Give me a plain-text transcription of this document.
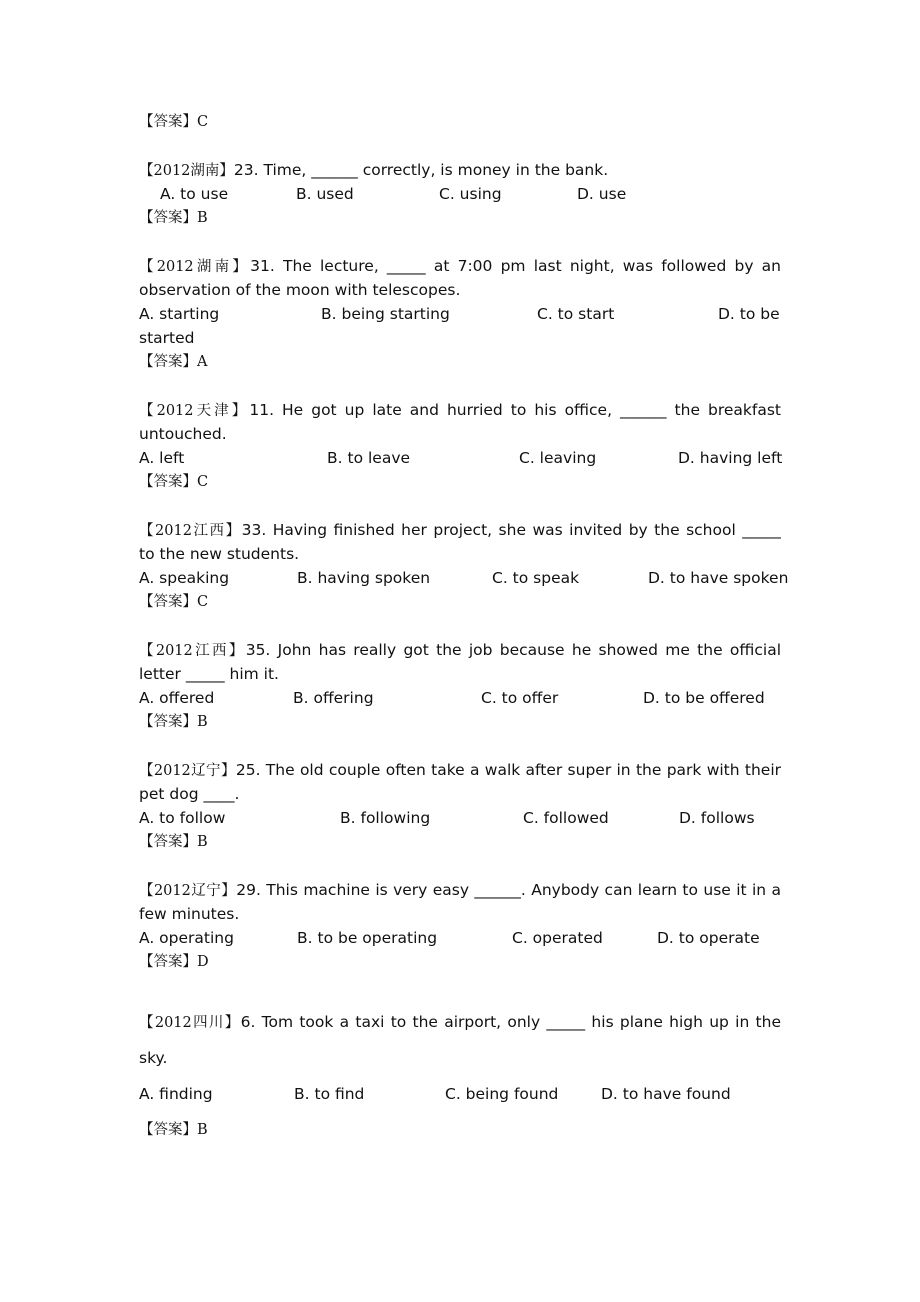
【答案】C
【2012湖南】23. Time, ______ correctly, is money in the bank.
A. to use	B. used	C. using	D. use
【答案】B
【2012湖南】31. The lecture, _____ at 7:00 pm last night, was followed by an
observation of the moon with telescopes.
A. starting	B. being starting	C. to start	D. to be
started
【答案】A
【2012天津】11. He got up late and hurried to his office, ______ the breakfast
untouched.
A. left	B. to leave	C. leaving	D. having left
【答案】C
【2012江西】33. Having finished her project, she was invited by the school _____
to the new students.
A. speaking	B. having spoken	C. to speak	D. to have spoken
【答案】C
【2012江西】35. John has really got the job because he showed me the official
letter _____ him it.
A. offered	B. offering	C. to offer	D. to be offered
【答案】B
【2012辽宁】25. The old couple often take a walk after super in the park with their
pet dog ____.
A. to follow	B. following	C. followed	D. follows
【答案】B
【2012辽宁】29. This machine is very easy ______. Anybody can learn to use it in a
few minutes.
A. operating	B. to be operating	C. operated	D. to operate
【答案】D
【2012四川】6. Tom took a taxi to the airport, only _____ his plane high up in the
sky.
A. finding	B. to find	C. being found	D. to have found
【答案】B
